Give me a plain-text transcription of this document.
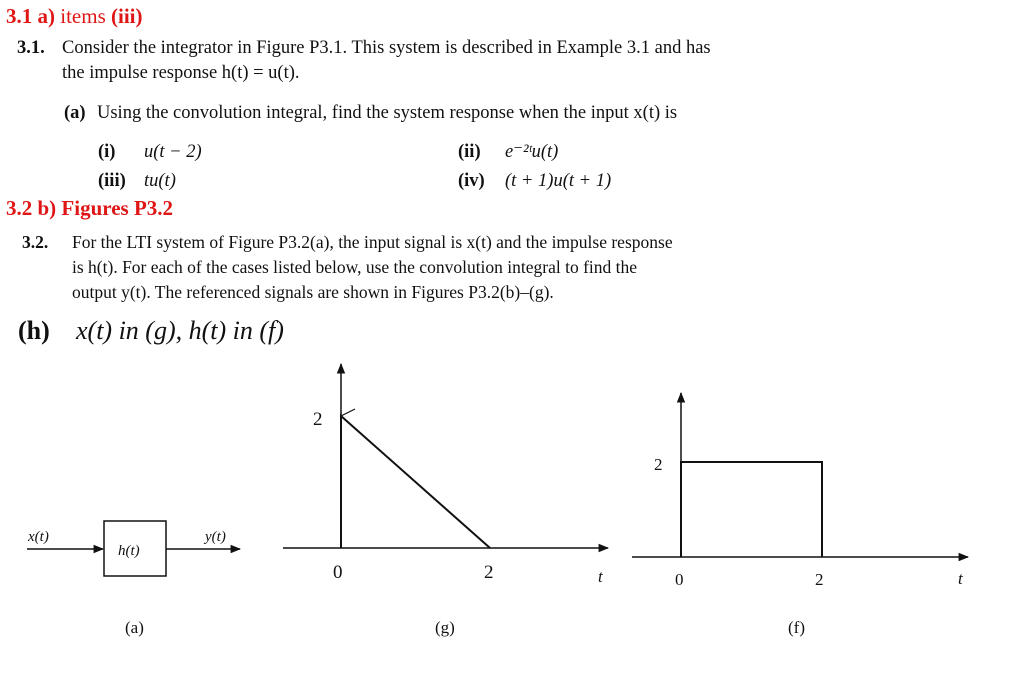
3.1 a) items (iii)
3.1. Consider the integrator in Figure P3.1. This system is described in Example 3.1 and has
the impulse response h(t) = u(t).
(a) Using the convolution integral, find the system response when the input x(t) is
(i) u(t − 2)	(ii) e⁻²ᵗu(t)
(iii) tu(t)	(iv) (t + 1)u(t + 1)
3.2 b) Figures P3.2
3.2. For the LTI system of Figure P3.2(a), the input signal is x(t) and the impulse response
is h(t). For each of the cases listed below, use the convolution integral to find the
output y(t). The referenced signals are shown in Figures P3.2(b)–(g).
(h) x(t) in (g), h(t) in (f)
x(t)
h(t)
y(t)
(a)
2
0	2	t
(g)
2
0	2	t
(f)
